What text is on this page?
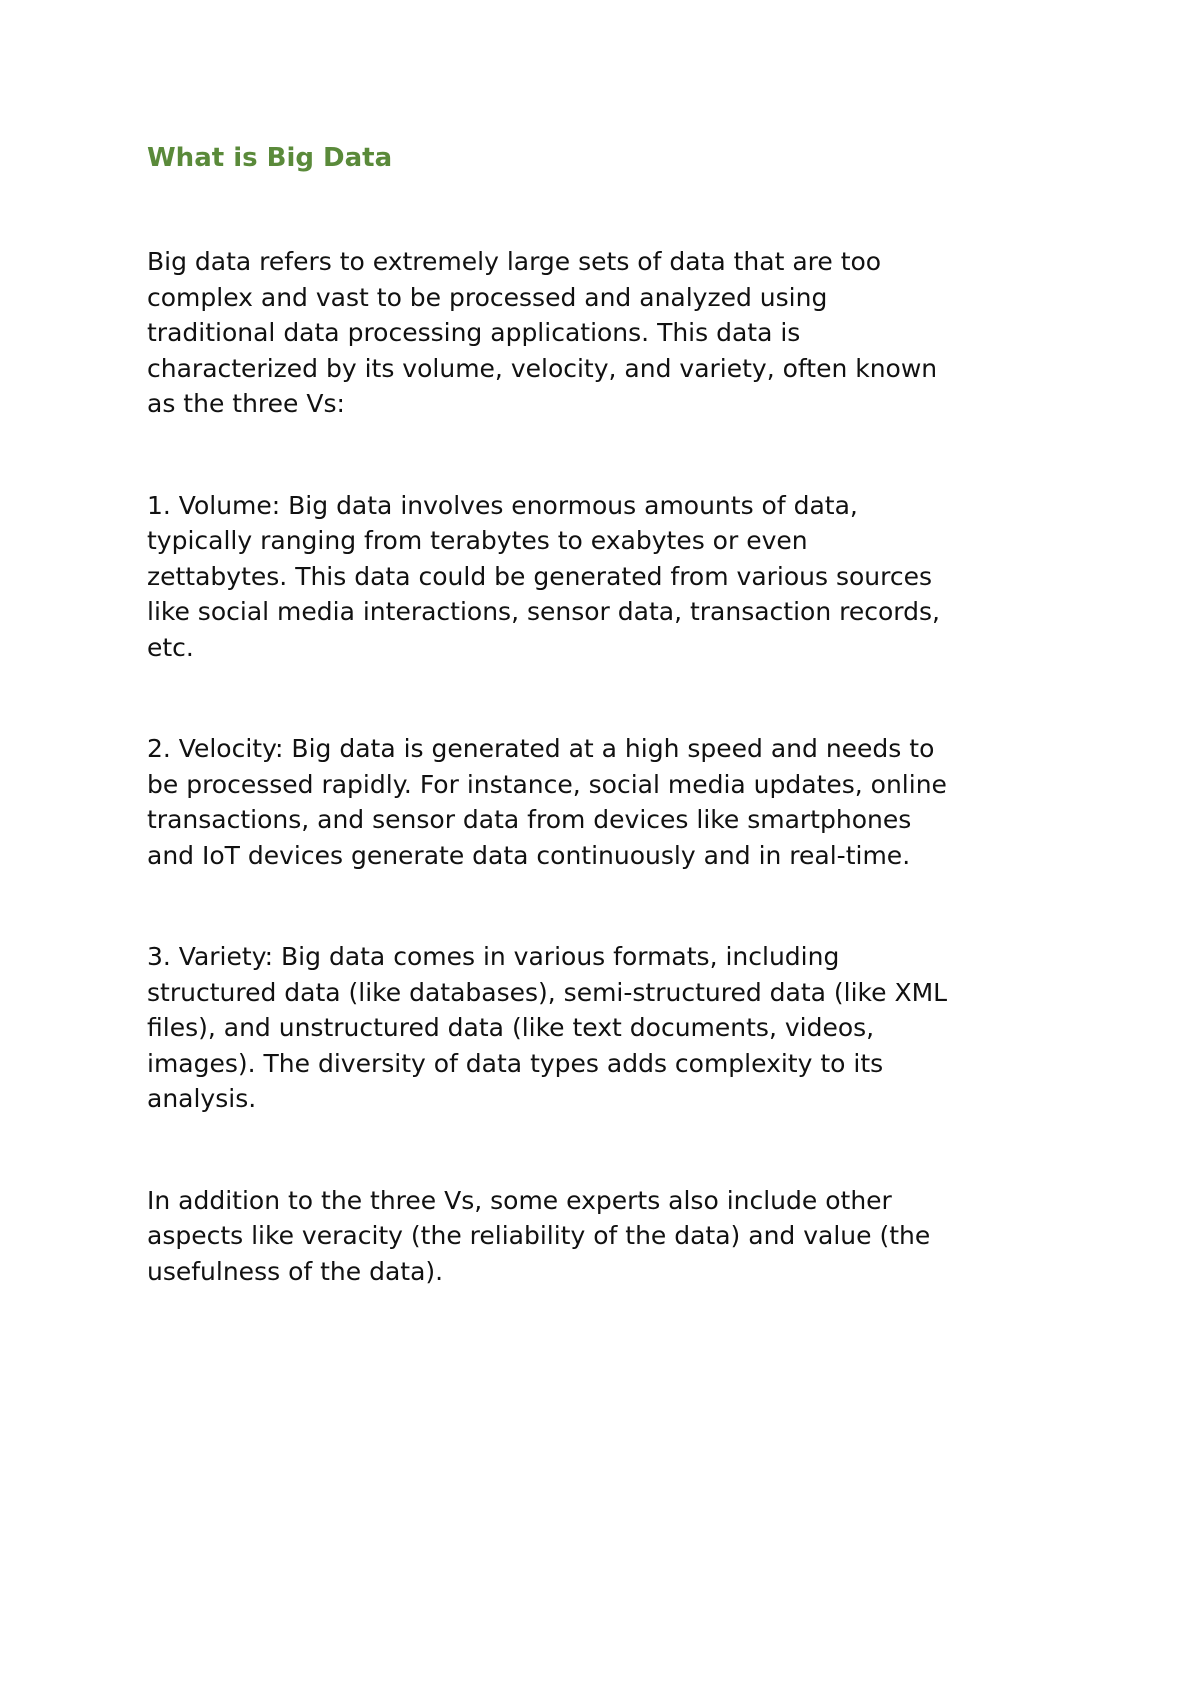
What is Big Data

Big data refers to extremely large sets of data that are too
complex and vast to be processed and analyzed using
traditional data processing applications. This data is
characterized by its volume, velocity, and variety, often known
as the three Vs:

1. Volume: Big data involves enormous amounts of data,
typically ranging from terabytes to exabytes or even
zettabytes. This data could be generated from various sources
like social media interactions, sensor data, transaction records,
etc.

2. Velocity: Big data is generated at a high speed and needs to
be processed rapidly. For instance, social media updates, online
transactions, and sensor data from devices like smartphones
and IoT devices generate data continuously and in real-time.

3. Variety: Big data comes in various formats, including
structured data (like databases), semi-structured data (like XML
files), and unstructured data (like text documents, videos,
images). The diversity of data types adds complexity to its
analysis.

In addition to the three Vs, some experts also include other
aspects like veracity (the reliability of the data) and value (the
usefulness of the data).
